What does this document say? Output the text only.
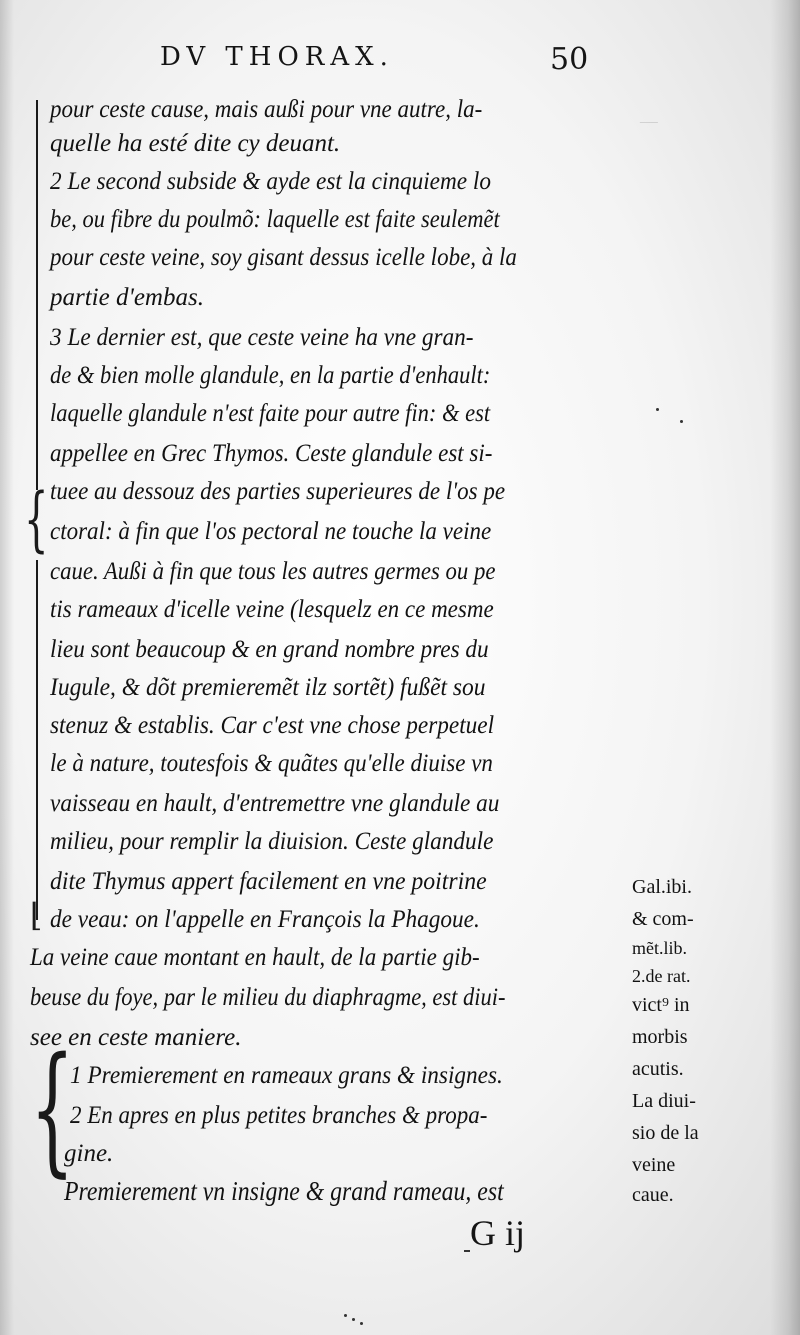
—
DV THORAX.	50
{
{
⌊
pour ceste cause, mais außi pour vne autre, la-
quelle ha esté dite cy deuant.
2 Le second subside & ayde est la cinquieme lo
be, ou fibre du poulmõ: laquelle est faite seulemẽt
pour ceste veine, soy gisant dessus icelle lobe, à la
partie d'embas.
3 Le dernier est, que ceste veine ha vne gran-
de & bien molle glandule, en la partie d'enhault:
laquelle glandule n'est faite pour autre fin: & est
appellee en Grec Thymos. Ceste glandule est si-
tuee au dessouz des parties superieures de l'os pe
ctoral: à fin que l'os pectoral ne touche la veine
caue. Außi à fin que tous les autres germes ou pe
tis rameaux d'icelle veine (lesquelz en ce mesme
lieu sont beaucoup & en grand nombre pres du
Iugule, & dõt premieremẽt ilz sortẽt) fußẽt sou
stenuz & establis. Car c'est vne chose perpetuel
le à nature, toutesfois & quãtes qu'elle diuise vn
vaisseau en hault, d'entremettre vne glandule au
milieu, pour remplir la diuision. Ceste glandule
dite Thymus appert facilement en vne poitrine
de veau: on l'appelle en François la Phagoue.
La veine caue montant en hault, de la partie gib-
beuse du foye, par le milieu du diaphragme, est diui-
see en ceste maniere.
1 Premierement en rameaux grans & insignes.
2 En apres en plus petites branches & propa-
gine.
Premierement vn insigne & grand rameau, est
Gal.ibi.
& com-
mẽt.lib.
2.de rat.
vict⁹ in
morbis
acutis.
La diui-
sio de la
veine
caue.
G ij
